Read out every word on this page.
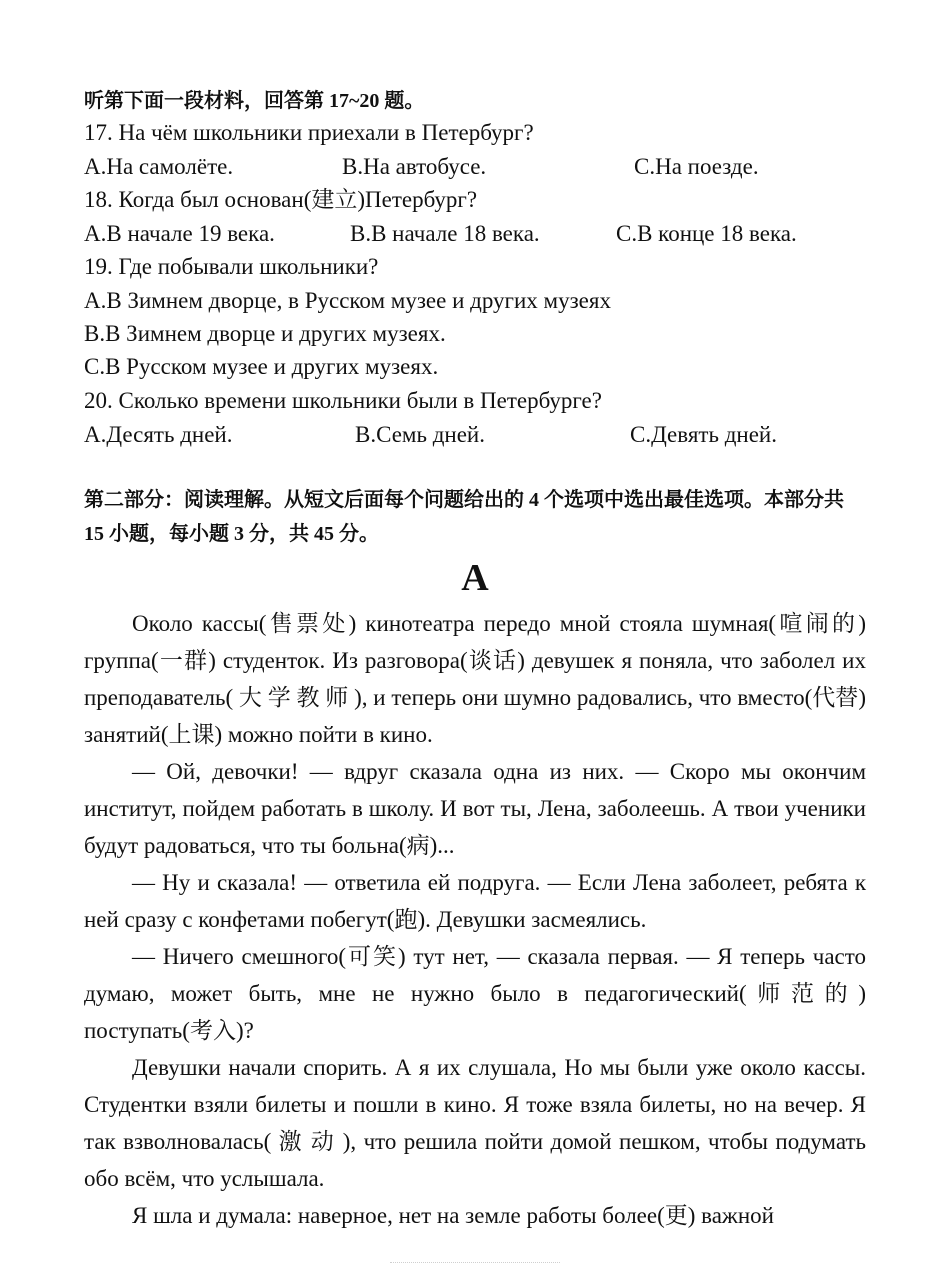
听第下面一段材料，回答第 17~20 题。
17. На чём школьники приехали в Петербург?
A.На самолёте.	B.На автобусе.	C.На поезде.
18. Когда был основан(建立)Петербург?
A.В начале 19 века.	B.В начале 18 века.	C.В конце 18 века.
19. Где побывали школьники?
A.В Зимнем дворце, в Русском музее и других музеях
B.В Зимнем дворце и других музеях.
C.В Русском музее и других музеях.
20. Сколько времени школьники были в Петербурге?
A.Десять дней.	B.Семь дней.	C.Девять дней.
第二部分：阅读理解。从短文后面每个问题给出的 4 个选项中选出最佳选项。本部分共 15 小题，每小题 3 分，共 45 分。
A

Около кассы(售票处) кинотеатра передо мной стояла шумная(喧闹的) группа(一群) студенток. Из разговора(谈话) девушек я поняла, что заболел их преподаватель( 大 学 教 师 ), и теперь они шумно радовались, что вместо(代替) занятий(上课) можно пойти в кино.

— Ой, девочки! — вдруг сказала одна из них. — Скоро мы окончим институт, пойдем работать в школу. И вот ты, Лена, заболеешь. А твои ученики будут радоваться, что ты больна(病)...

— Ну и сказала! — ответила ей подруга. — Если Лена заболеет, ребята к ней сразу с конфетами побегут(跑). Девушки засмеялись.

— Ничего смешного(可笑) тут нет, — сказала первая. — Я теперь часто думаю, может быть, мне не нужно было в педагогический(师范的) поступать(考入)?

Девушки начали спорить. А я их слушала, Но мы были уже около кассы. Студентки взяли билеты и пошли в кино. Я тоже взяла билеты, но на вечер. Я так взволновалась( 激 动 ), что решила пойти домой пешком, чтобы подумать обо всём, что услышала.

Я шла и думала: наверное, нет на земле работы более(更) важной
